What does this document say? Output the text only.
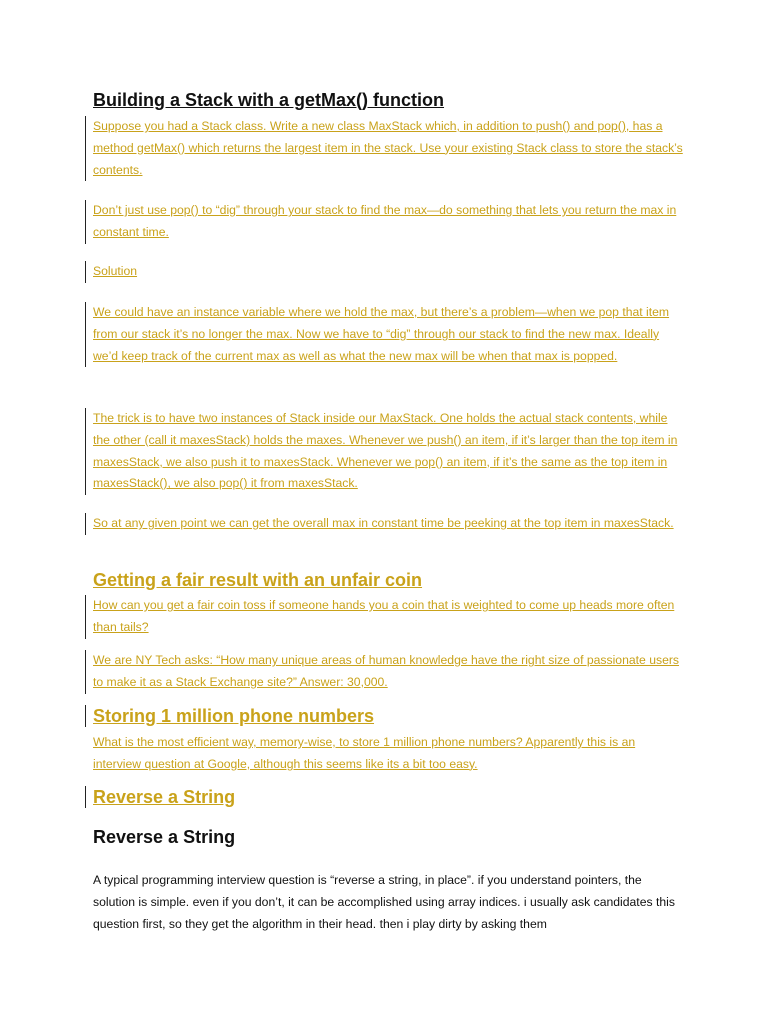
Building a Stack with a getMax() function

Suppose you had a Stack class. Write a new class MaxStack which, in addition to push() and pop(), has a method getMax() which returns the largest item in the stack. Use your existing Stack class to store the stack’s contents.

Don’t just use pop() to “dig” through your stack to find the max—do something that lets you return the max in constant time.

Solution

We could have an instance variable where we hold the max, but there’s a problem—when we pop that item from our stack it’s no longer the max. Now we have to “dig” through our stack to find the new max. Ideally we’d keep track of the current max as well as what the new max will be when that max is popped.

The trick is to have two instances of Stack inside our MaxStack. One holds the actual stack contents, while the other (call it maxesStack) holds the maxes. Whenever we push() an item, if it’s larger than the top item in maxesStack, we also push it to maxesStack. Whenever we pop() an item, if it’s the same as the top item in maxesStack(), we also pop() it from maxesStack.

So at any given point we can get the overall max in constant time be peeking at the top item in maxesStack.

Getting a fair result with an unfair coin

How can you get a fair coin toss if someone hands you a coin that is weighted to come up heads more often than tails?

We are NY Tech asks: “How many unique areas of human knowledge have the right size of passionate users to make it as a Stack Exchange site?” Answer: 30,000.

Storing 1 million phone numbers

What is the most efficient way, memory-wise, to store 1 million phone numbers? Apparently this is an interview question at Google, although this seems like its a bit too easy.

Reverse a String
Reverse a String

A typical programming interview question is “reverse a string, in place”. if you understand pointers, the solution is simple. even if you don’t, it can be accomplished using array indices. i usually ask candidates this question first, so they get the algorithm in their head. then i play dirty by asking them
